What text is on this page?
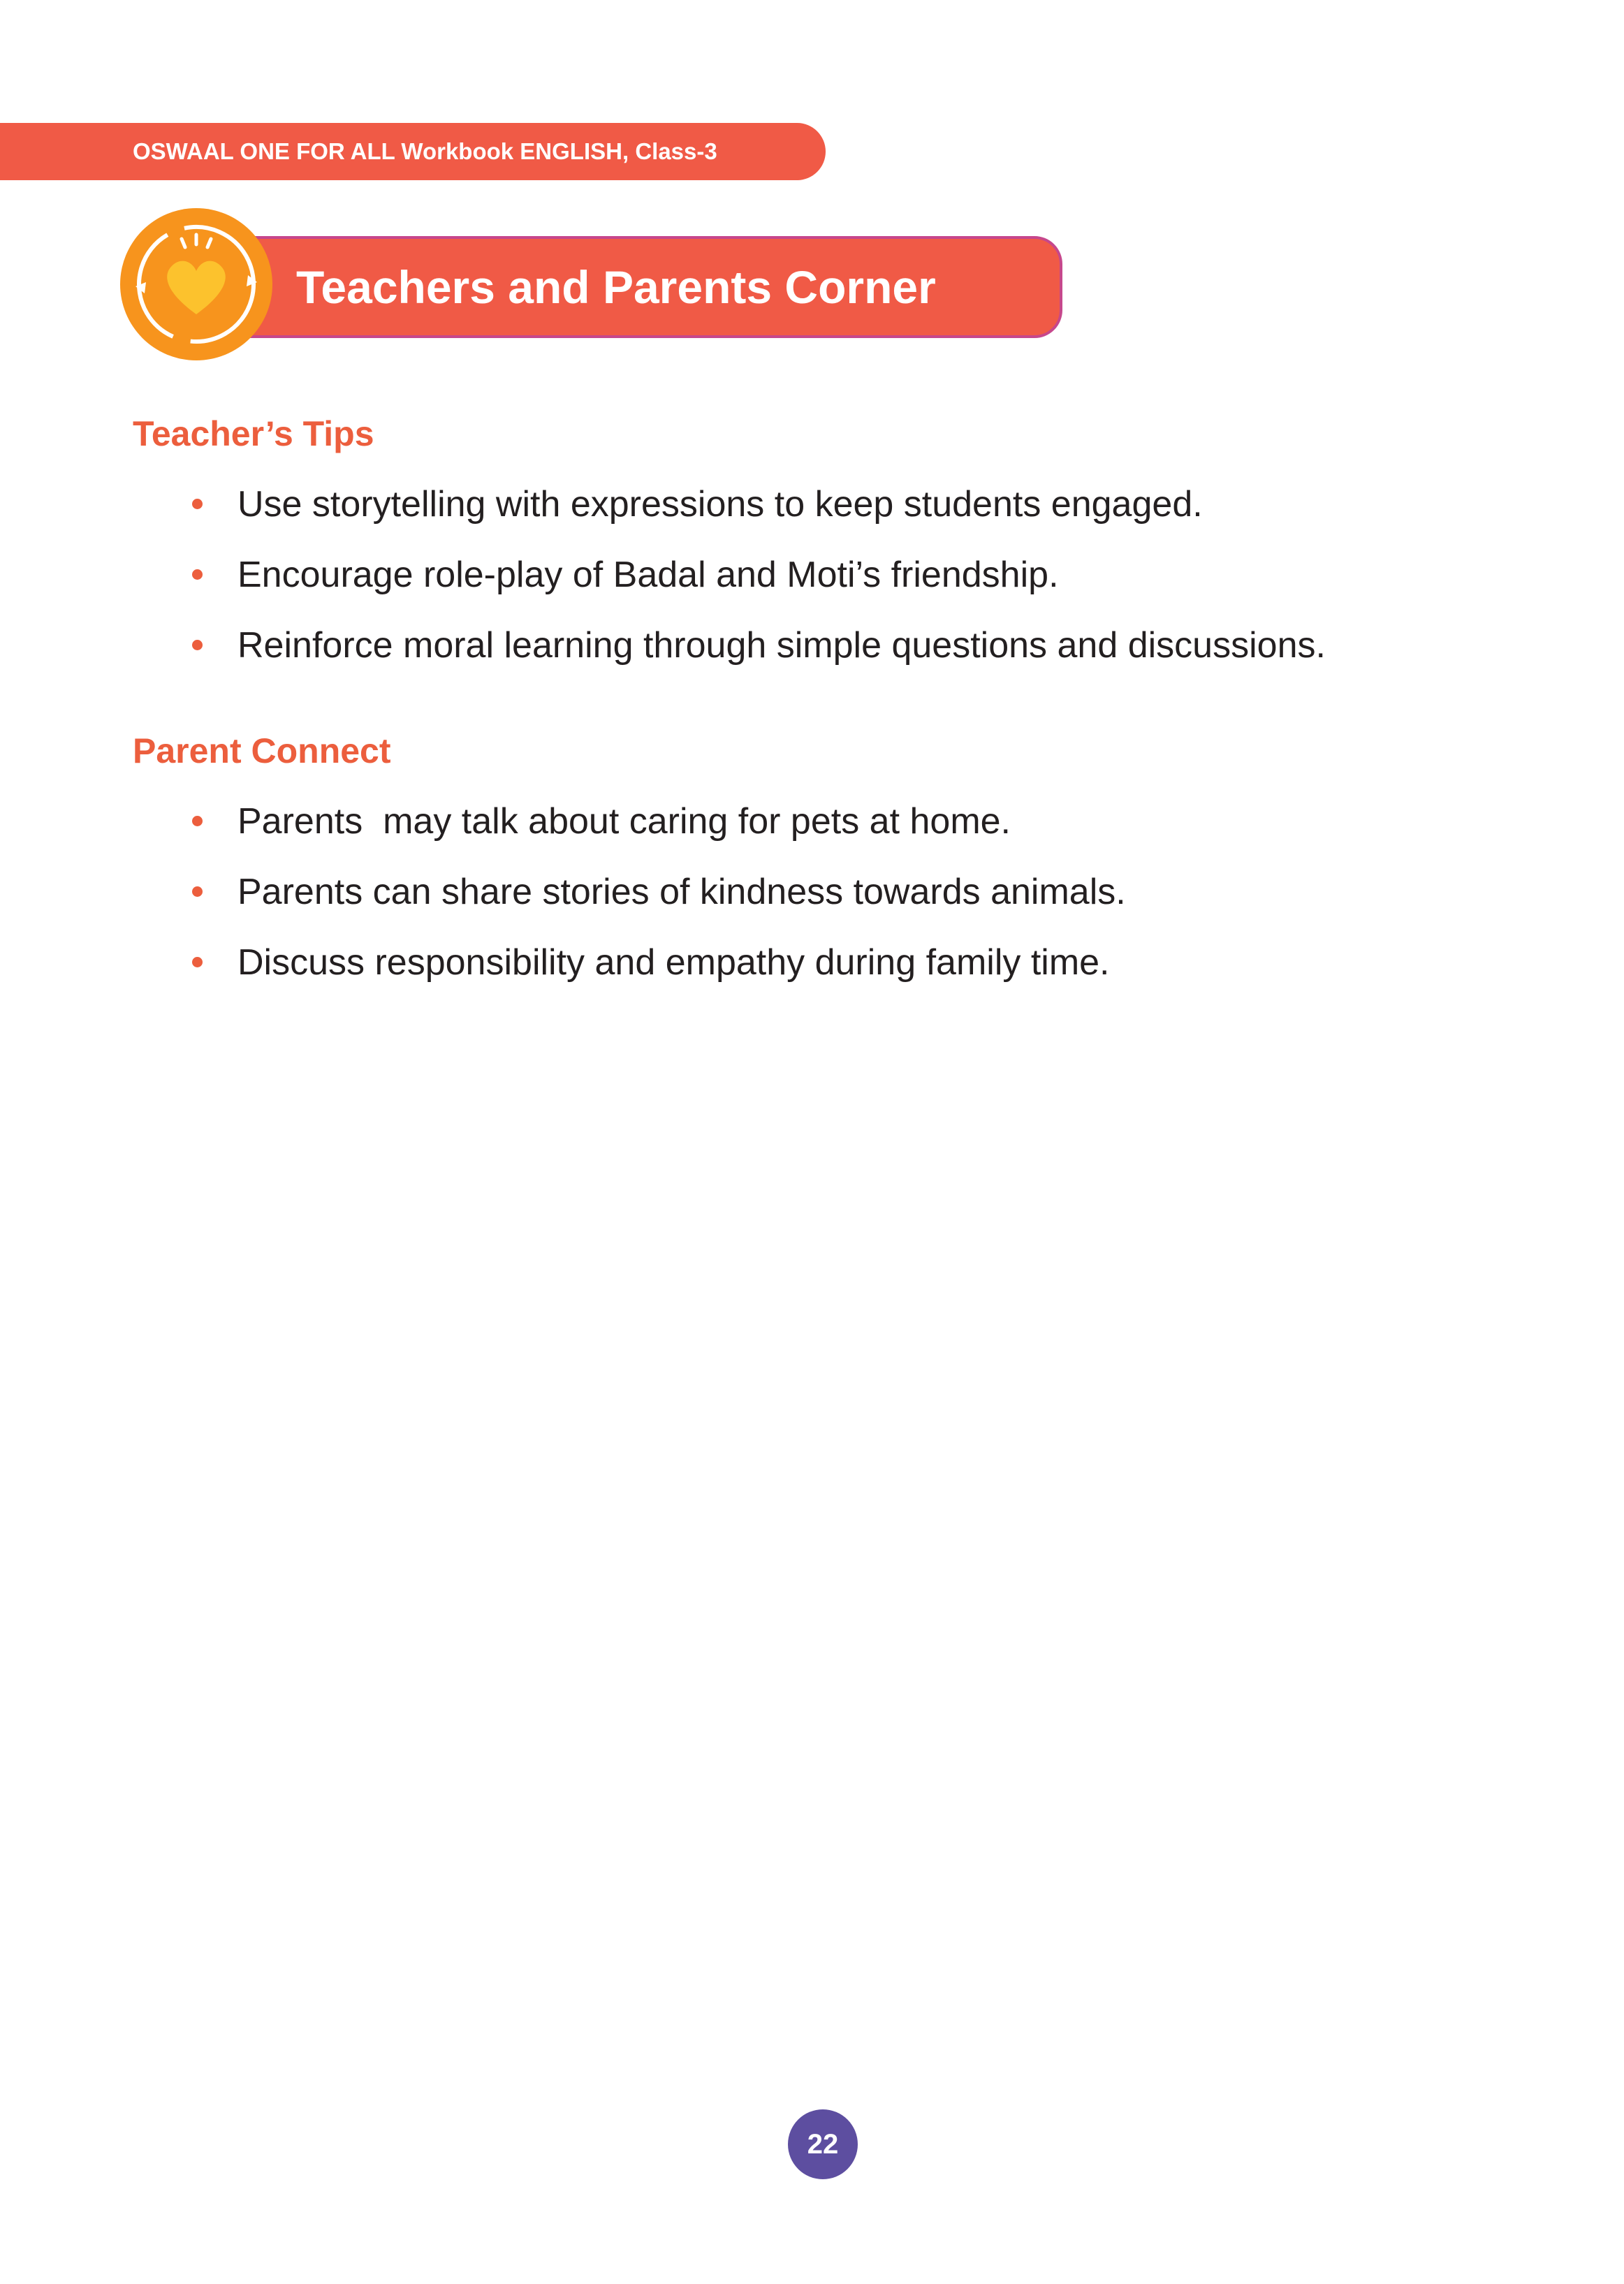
OSWAAL ONE FOR ALL Workbook ENGLISH, Class-3
Teachers and Parents Corner
Teacher’s Tips
Use storytelling with expressions to keep students engaged.
Encourage role-play of Badal and Moti’s friendship.
Reinforce moral learning through simple questions and discussions.
Parent Connect
Parents  may talk about caring for pets at home.
Parents can share stories of kindness towards animals.
Discuss responsibility and empathy during family time.
22
